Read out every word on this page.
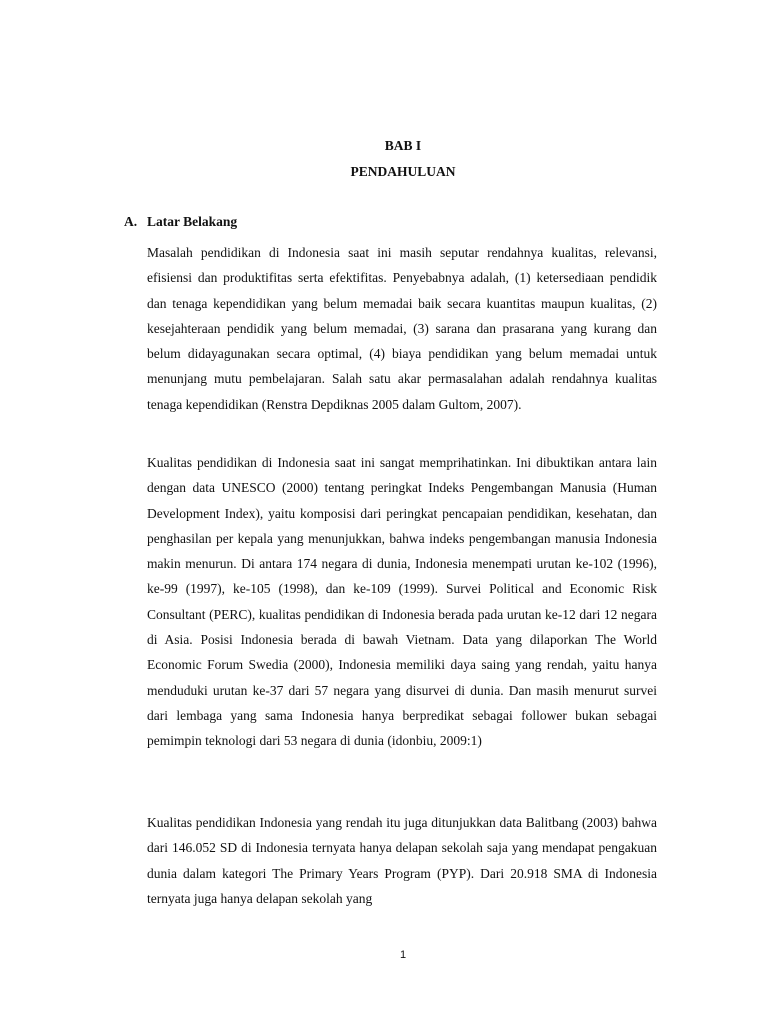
BAB I
PENDAHULUAN
A. Latar Belakang

Masalah pendidikan di Indonesia saat ini masih seputar rendahnya kualitas, relevansi, efisiensi dan produktifitas serta efektifitas. Penyebabnya adalah, (1) ketersediaan pendidik dan tenaga kependidikan yang belum memadai baik secara kuantitas maupun kualitas, (2) kesejahteraan pendidik yang belum memadai, (3) sarana dan prasarana yang kurang dan belum didayagunakan secara optimal, (4) biaya pendidikan yang belum memadai untuk menunjang mutu pembelajaran. Salah satu akar permasalahan adalah rendahnya kualitas tenaga kependidikan (Renstra Depdiknas 2005 dalam Gultom, 2007).

Kualitas pendidikan di Indonesia saat ini sangat memprihatinkan. Ini dibuktikan antara lain dengan data UNESCO (2000) tentang peringkat Indeks Pengembangan Manusia (Human Development Index), yaitu komposisi dari peringkat pencapaian pendidikan, kesehatan, dan penghasilan per kepala yang menunjukkan, bahwa indeks pengembangan manusia Indonesia makin menurun. Di antara 174 negara di dunia, Indonesia menempati urutan ke-102 (1996), ke-99 (1997), ke-105 (1998), dan ke-109 (1999). Survei Political and Economic Risk Consultant (PERC), kualitas pendidikan di Indonesia berada pada urutan ke-12 dari 12 negara di Asia. Posisi Indonesia berada di bawah Vietnam. Data yang dilaporkan The World Economic Forum Swedia (2000), Indonesia memiliki daya saing yang rendah, yaitu hanya menduduki urutan ke-37 dari 57 negara yang disurvei di dunia. Dan masih menurut survei dari lembaga yang sama Indonesia hanya berpredikat sebagai follower bukan sebagai pemimpin teknologi dari 53 negara di dunia (idonbiu, 2009:1)

Kualitas pendidikan Indonesia yang rendah itu juga ditunjukkan data Balitbang (2003) bahwa dari 146.052 SD di Indonesia ternyata hanya delapan sekolah saja yang mendapat pengakuan dunia dalam kategori The Primary Years Program (PYP). Dari 20.918 SMA di Indonesia ternyata juga hanya delapan sekolah yang

1
